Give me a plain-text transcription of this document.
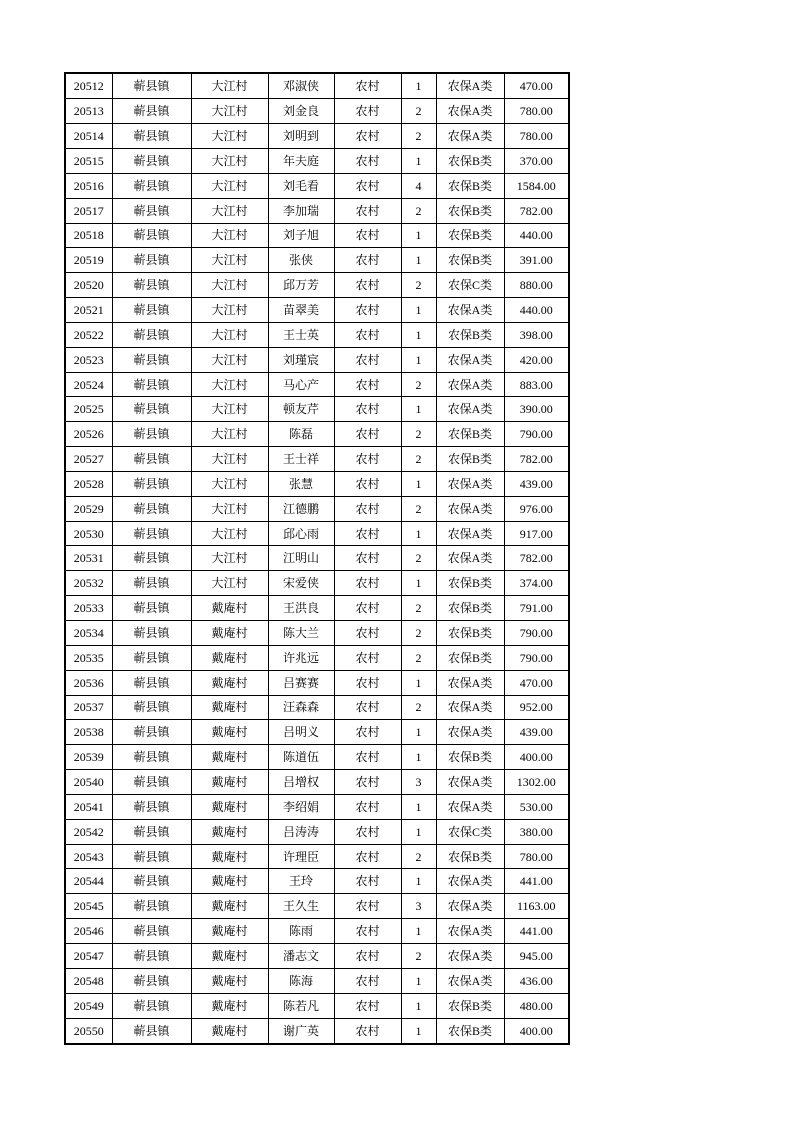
20512	蕲县镇	大江村	邓淑侠	农村	1	农保A类	470.00
20513	蕲县镇	大江村	刘金良	农村	2	农保A类	780.00
20514	蕲县镇	大江村	刘明到	农村	2	农保A类	780.00
20515	蕲县镇	大江村	年夫庭	农村	1	农保B类	370.00
20516	蕲县镇	大江村	刘毛看	农村	4	农保B类	1584.00
20517	蕲县镇	大江村	李加瑞	农村	2	农保B类	782.00
20518	蕲县镇	大江村	刘子旭	农村	1	农保B类	440.00
20519	蕲县镇	大江村	张侠	农村	1	农保B类	391.00
20520	蕲县镇	大江村	邱万芳	农村	2	农保C类	880.00
20521	蕲县镇	大江村	苗翠美	农村	1	农保A类	440.00
20522	蕲县镇	大江村	王士英	农村	1	农保B类	398.00
20523	蕲县镇	大江村	刘瑾宸	农村	1	农保A类	420.00
20524	蕲县镇	大江村	马心产	农村	2	农保A类	883.00
20525	蕲县镇	大江村	顿友芹	农村	1	农保A类	390.00
20526	蕲县镇	大江村	陈磊	农村	2	农保B类	790.00
20527	蕲县镇	大江村	王士祥	农村	2	农保B类	782.00
20528	蕲县镇	大江村	张慧	农村	1	农保A类	439.00
20529	蕲县镇	大江村	江德鹏	农村	2	农保A类	976.00
20530	蕲县镇	大江村	邱心雨	农村	1	农保A类	917.00
20531	蕲县镇	大江村	江明山	农村	2	农保A类	782.00
20532	蕲县镇	大江村	宋爱侠	农村	1	农保B类	374.00
20533	蕲县镇	戴庵村	王洪良	农村	2	农保B类	791.00
20534	蕲县镇	戴庵村	陈大兰	农村	2	农保B类	790.00
20535	蕲县镇	戴庵村	许兆远	农村	2	农保B类	790.00
20536	蕲县镇	戴庵村	吕赛赛	农村	1	农保A类	470.00
20537	蕲县镇	戴庵村	汪森森	农村	2	农保A类	952.00
20538	蕲县镇	戴庵村	吕明义	农村	1	农保A类	439.00
20539	蕲县镇	戴庵村	陈道伍	农村	1	农保B类	400.00
20540	蕲县镇	戴庵村	吕增权	农村	3	农保A类	1302.00
20541	蕲县镇	戴庵村	李绍娟	农村	1	农保A类	530.00
20542	蕲县镇	戴庵村	吕涛涛	农村	1	农保C类	380.00
20543	蕲县镇	戴庵村	许理臣	农村	2	农保B类	780.00
20544	蕲县镇	戴庵村	王玲	农村	1	农保A类	441.00
20545	蕲县镇	戴庵村	王久生	农村	3	农保A类	1163.00
20546	蕲县镇	戴庵村	陈雨	农村	1	农保A类	441.00
20547	蕲县镇	戴庵村	潘志文	农村	2	农保A类	945.00
20548	蕲县镇	戴庵村	陈海	农村	1	农保A类	436.00
20549	蕲县镇	戴庵村	陈若凡	农村	1	农保B类	480.00
20550	蕲县镇	戴庵村	谢广英	农村	1	农保B类	400.00
